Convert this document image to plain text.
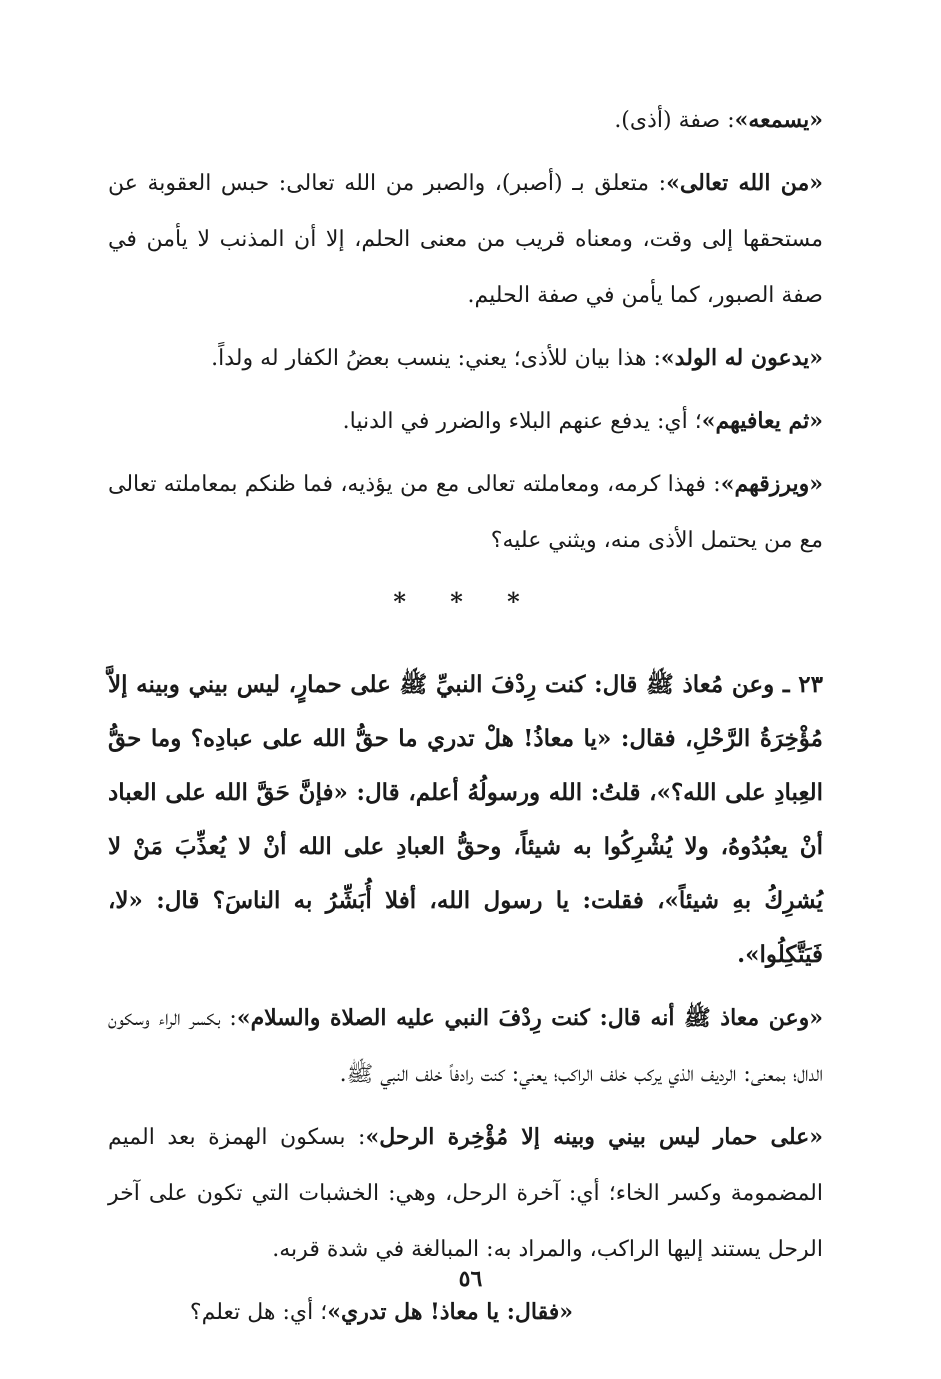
«يسمعه»: صفة (أذى).

«من الله تعالى»: متعلق بـ (أصبر)، والصبر من الله تعالى: حبس العقوبة عن مستحقها إلى وقت، ومعناه قريب من معنى الحلم، إلا أن المذنب لا يأمن في صفة الصبور، كما يأمن في صفة الحليم.

«يدعون له الولد»: هذا بيان للأذى؛ يعني: ينسب بعضُ الكفار له ولداً.

«ثم يعافيهم»؛ أي: يدفع عنهم البلاء والضرر في الدنيا.

«ويرزقهم»: فهذا كرمه، ومعاملته تعالى مع من يؤذيه، فما ظنكم بمعاملته تعالى مع من يحتمل الأذى منه، ويثني عليه؟

* * *

٢٣ ـ وعن مُعاذ ﷺ قال: كنت رِدْفَ النبيِّ ﷺ على حمارٍ، ليس بيني وبينه إلاَّ مُؤْخِرَةُ الرَّحْلِ، فقال: «يا معاذُ! هلْ تدري ما حقُّ الله على عبادِه؟ وما حقُّ العِبادِ على الله؟»، قلتُ: الله ورسولُهُ أعلم، قال: «فإنَّ حَقَّ الله على العباد أنْ يعبُدُوهُ، ولا يُشْرِكُوا به شيئاً، وحقُّ العبادِ على الله أنْ لا يُعذِّبَ مَنْ لا يُشرِكُ بهِ شيئاً»، فقلت: يا رسول الله، أفلا أُبَشِّرُ به الناسَ؟ قال: «لا، فَيَتَّكِلُوا».

«وعن معاذ ﷺ أنه قال: كنت رِدْفَ النبي عليه الصلاة والسلام»: بكسر الراء وسكون الدال؛ بمعنى: الرديف الذي يركب خلف الراكب؛ يعني: كنت رادفاً خلف النبي ﷺ.

«على حمار ليس بيني وبينه إلا مُؤْخِرة الرحل»: بسكون الهمزة بعد الميم المضمومة وكسر الخاء؛ أي: آخرة الرحل، وهي: الخشبات التي تكون على آخر الرحل يستند إليها الراكب، والمراد به: المبالغة في شدة قربه.

«فقال: يا معاذ! هل تدري»؛ أي: هل تعلم؟

٥٦
